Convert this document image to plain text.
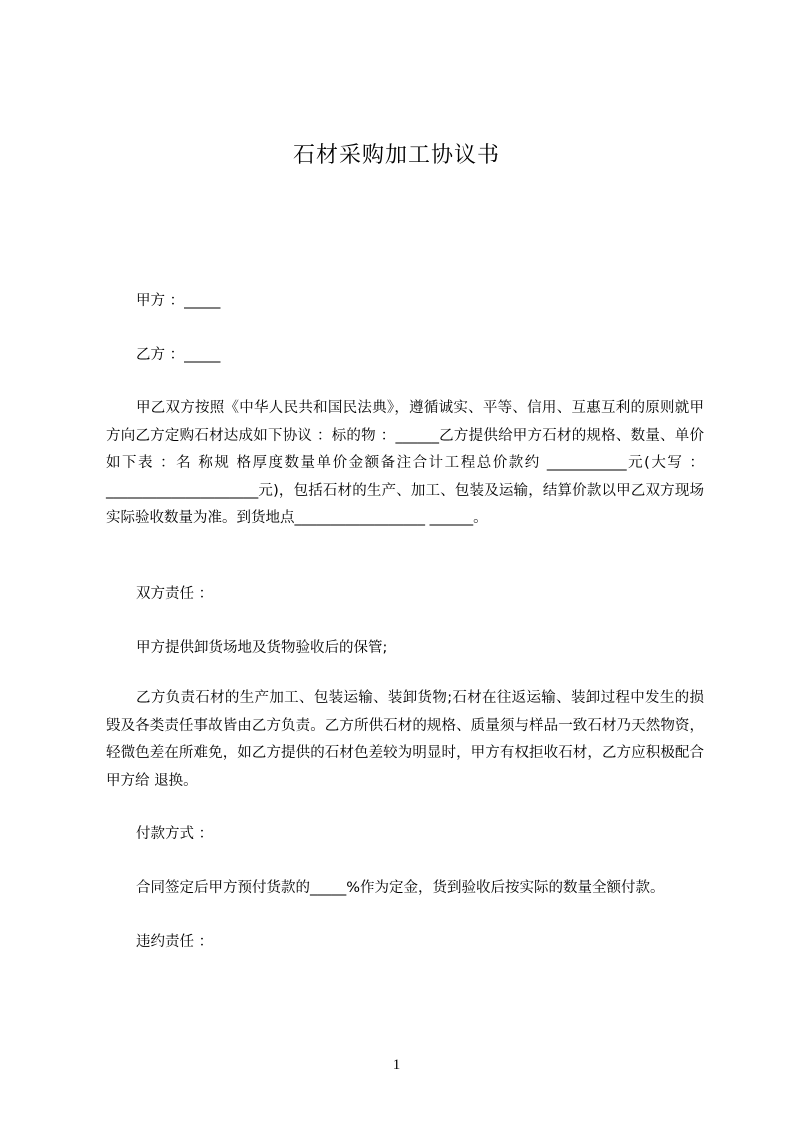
石材采购加工协议书
甲方 ：_____
乙方 ：_____
甲乙双方按照《中华人民共和国民法典》，遵循诚实、平等、信用、互惠互利的原则就甲方向乙方定购石材达成如下协议 ：标的物 ：______乙方提供给甲方石材的规格、数量、单价如下表 ：名 称规 格厚度数量单价金额备注合计工程总价款约 ___________元(大写 ：_____________________元)，包括石材的生产、加工、包装及运输，结算价款以甲乙双方现场实际验收数量为准。到货地点__________________ ______。
双方责任 ：
甲方提供卸货场地及货物验收后的保管;
乙方负责石材的生产加工、包装运输、装卸货物;石材在往返运输、装卸过程中发生的损毁及各类责任事故皆由乙方负责。乙方所供石材的规格、质量须与样品一致石材乃天然物资，轻微色差在所难免，如乙方提供的石材色差较为明显时，甲方有权拒收石材，乙方应积极配合甲方给 退换。
付款方式 ：
合同签定后甲方预付货款的_____%作为定金，货到验收后按实际的数量全额付款。
违约责任 ：
1
